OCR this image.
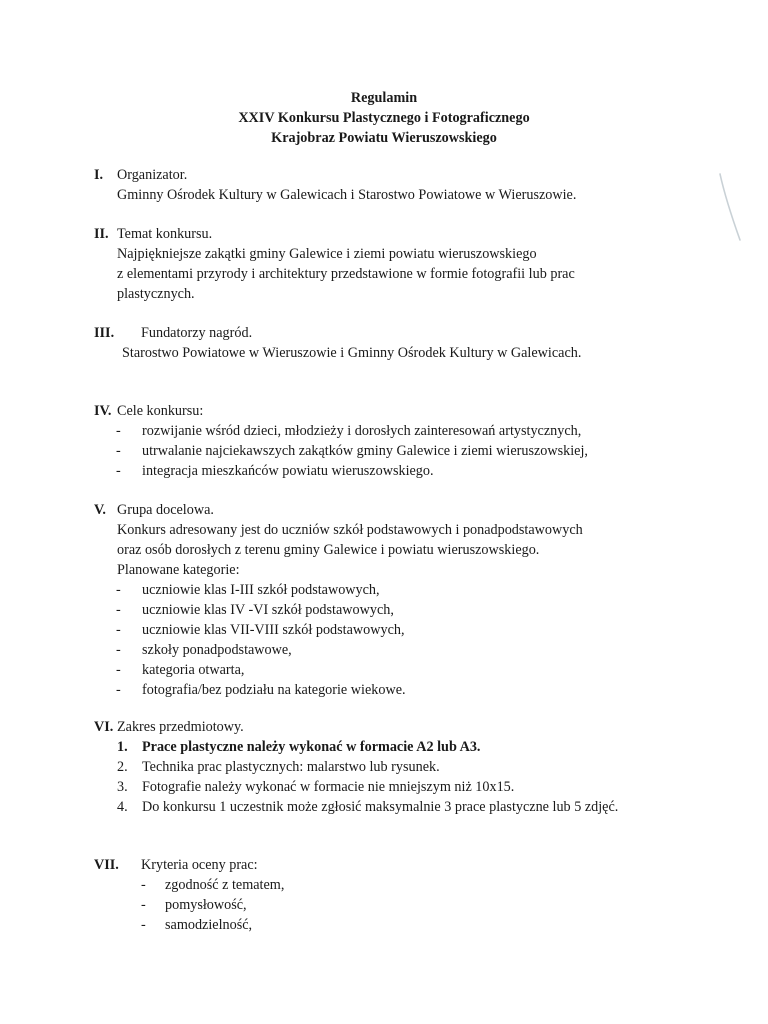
Regulamin
XXIV Konkursu Plastycznego i Fotograficznego
Krajobraz Powiatu Wieruszowskiego
I. Organizator.
Gminny Ośrodek Kultury w Galewicach i Starostwo Powiatowe w Wieruszowie.
II. Temat konkursu.
Najpiękniejsze zakątki gminy Galewice i ziemi powiatu wieruszowskiego
z elementami przyrody i architektury przedstawione w formie fotografii lub prac
plastycznych.
III. Fundatorzy nagród.
Starostwo Powiatowe w Wieruszowie i Gminny Ośrodek Kultury w Galewicach.
IV. Cele konkursu:
- rozwijanie wśród dzieci, młodzieży i dorosłych zainteresowań artystycznych,
- utrwalanie najciekawszych zakątków gminy Galewice i ziemi wieruszowskiej,
- integracja mieszkańców powiatu wieruszowskiego.
V. Grupa docelowa.
Konkurs adresowany jest do uczniów szkół podstawowych i ponadpodstawowych
oraz osób dorosłych z terenu gminy Galewice i powiatu wieruszowskiego.
Planowane kategorie:
- uczniowie klas I-III szkół podstawowych,
- uczniowie klas IV -VI szkół podstawowych,
- uczniowie klas VII-VIII szkół podstawowych,
- szkoły ponadpodstawowe,
- kategoria otwarta,
- fotografia/bez podziału na kategorie wiekowe.
VI. Zakres przedmiotowy.
1. Prace plastyczne należy wykonać w formacie A2 lub A3.
2. Technika prac plastycznych: malarstwo lub rysunek.
3. Fotografie należy wykonać w formacie nie mniejszym niż 10x15.
4. Do konkursu 1 uczestnik może zgłosić maksymalnie 3 prace plastyczne lub 5 zdjęć.
VII. Kryteria oceny prac:
- zgodność z tematem,
- pomysłowość,
- samodzielność,
